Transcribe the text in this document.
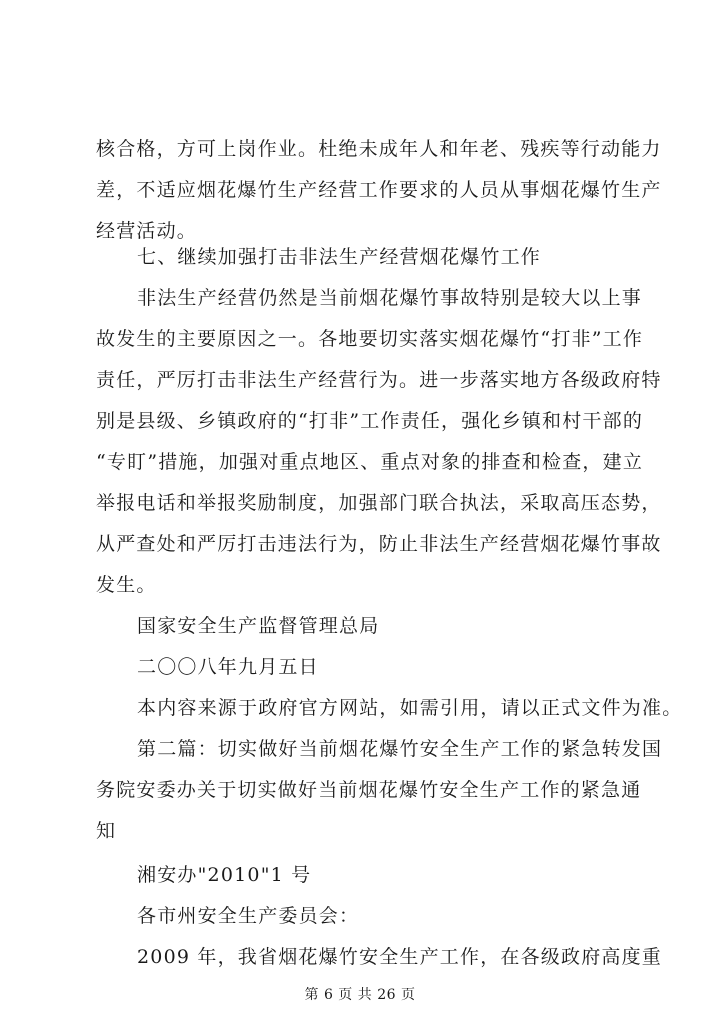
核合格，方可上岗作业。杜绝未成年人和年老、残疾等行动能力

差，不适应烟花爆竹生产经营工作要求的人员从事烟花爆竹生产

经营活动。

七、继续加强打击非法生产经营烟花爆竹工作

非法生产经营仍然是当前烟花爆竹事故特别是较大以上事

故发生的主要原因之一。各地要切实落实烟花爆竹“打非”工作

责任，严厉打击非法生产经营行为。进一步落实地方各级政府特

别是县级、乡镇政府的“打非”工作责任，强化乡镇和村干部的

“专盯”措施，加强对重点地区、重点对象的排查和检查，建立

举报电话和举报奖励制度，加强部门联合执法，采取高压态势，

从严查处和严厉打击违法行为，防止非法生产经营烟花爆竹事故

发生。

国家安全生产监督管理总局

二〇〇八年九月五日

本内容来源于政府官方网站，如需引用，请以正式文件为准。

第二篇：切实做好当前烟花爆竹安全生产工作的紧急转发国

务院安委办关于切实做好当前烟花爆竹安全生产工作的紧急通

知

湘安办"2010"1 号

各市州安全生产委员会：

2009 年，我省烟花爆竹安全生产工作，在各级政府高度重

第 6 页 共 26 页
